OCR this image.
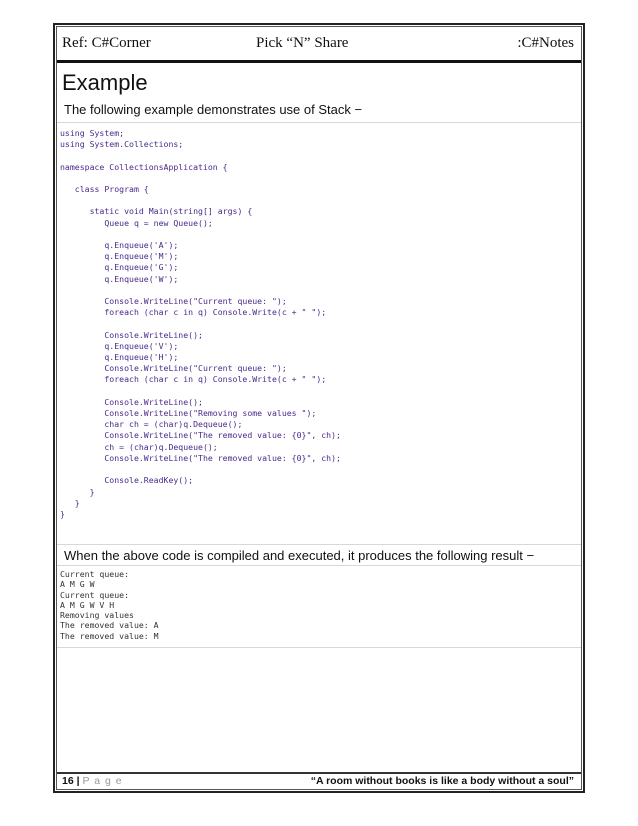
Ref: C#Corner	Pick “N” Share	:C#Notes
Example
The following example demonstrates use of Stack −
using System;
using System.Collections;

namespace CollectionsApplication {

class Program {

static void Main(string[] args) {
Queue q = new Queue();

q.Enqueue('A');
q.Enqueue('M');
q.Enqueue('G');
q.Enqueue('W');

Console.WriteLine("Current queue: ");
foreach (char c in q) Console.Write(c + " ");

Console.WriteLine();
q.Enqueue('V');
q.Enqueue('H');
Console.WriteLine("Current queue: ");
foreach (char c in q) Console.Write(c + " ");

Console.WriteLine();
Console.WriteLine("Removing some values ");
char ch = (char)q.Dequeue();
Console.WriteLine("The removed value: {0}", ch);
ch = (char)q.Dequeue();
Console.WriteLine("The removed value: {0}", ch);

Console.ReadKey();
}
}
}
When the above code is compiled and executed, it produces the following result −
Current queue:
A M G W
Current queue:
A M G W V H
Removing values
The removed value: A
The removed value: M
16 | P a g e	“A room without books is like a body without a soul”
